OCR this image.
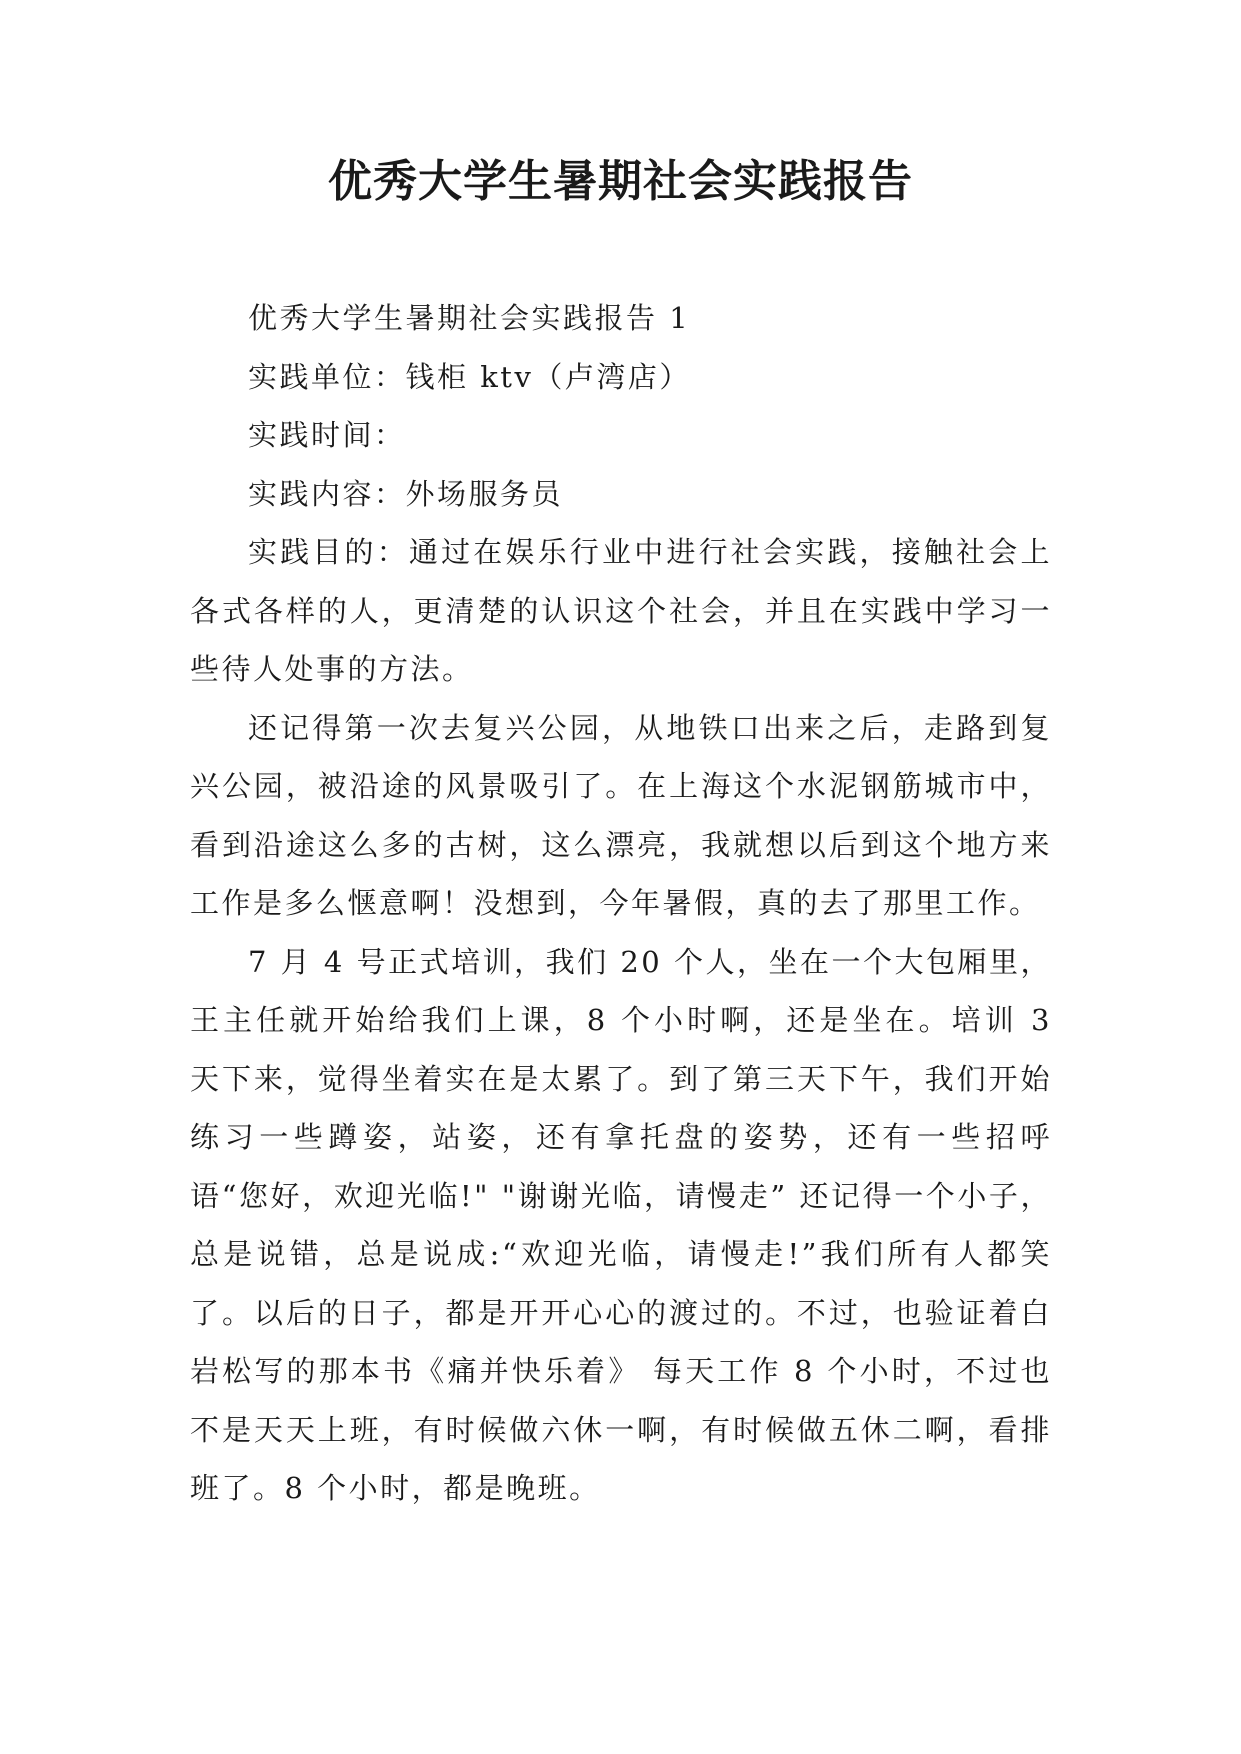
优秀大学生暑期社会实践报告

优秀大学生暑期社会实践报告 1

实践单位：钱柜 ktv（卢湾店）

实践时间：

实践内容：外场服务员

实践目的：通过在娱乐行业中进行社会实践，接触社会上各式各样的人，更清楚的认识这个社会，并且在实践中学习一些待人处事的方法。

还记得第一次去复兴公园，从地铁口出来之后，走路到复兴公园，被沿途的风景吸引了。在上海这个水泥钢筋城市中，看到沿途这么多的古树，这么漂亮，我就想以后到这个地方来工作是多么惬意啊！没想到，今年暑假，真的去了那里工作。

7 月 4 号正式培训，我们 20 个人，坐在一个大包厢里，王主任就开始给我们上课，8 个小时啊，还是坐在。培训 3 天下来，觉得坐着实在是太累了。到了第三天下午，我们开始练习一些蹲姿，站姿，还有拿托盘的姿势，还有一些招呼语“您好，欢迎光临!" "谢谢光临，请慢走” 还记得一个小子，总是说错，总是说成:“欢迎光临，请慢走!”我们所有人都笑了。以后的日子，都是开开心心的渡过的。不过，也验证着白岩松写的那本书《痛并快乐着》 每天工作 8 个小时，不过也不是天天上班，有时候做六休一啊，有时候做五休二啊，看排班了。8 个小时，都是晚班。
